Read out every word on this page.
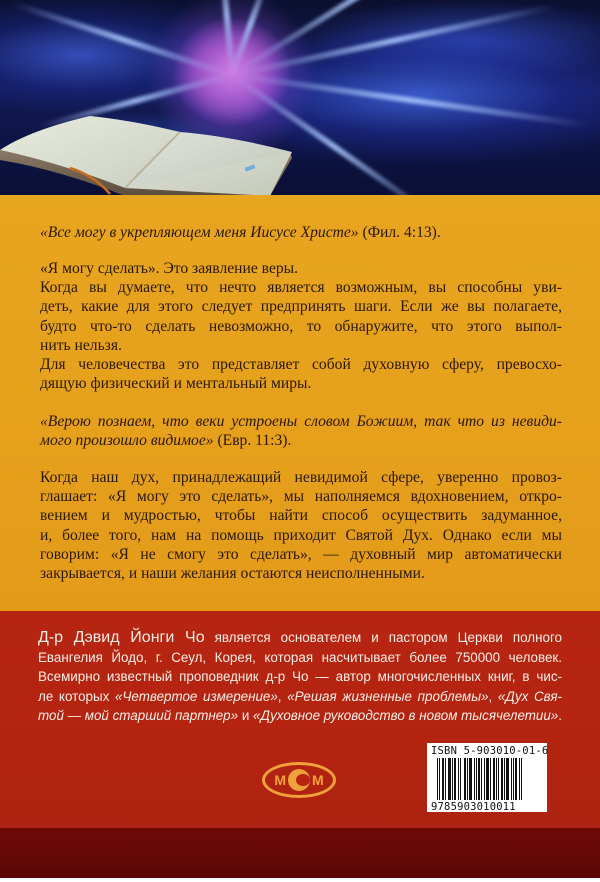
«Все могу в укрепляющем меня Иисусе Христе» (Фил. 4:13).
«Я могу сделать». Это заявление веры.
Когда вы думаете, что нечто является возможным, вы способны уви-
деть, какие для этого следует предпринять шаги. Если же вы полагаете,
будто что-то сделать невозможно, то обнаружите, что этого выпол-
нить нельзя.
Для человечества это представляет собой духовную сферу, превосхо-
дящую физический и ментальный миры.
«Верою познаем, что веки устроены словом Божиим, так что из невиди-
мого произошло видимое» (Евр. 11:3).
Когда наш дух, принадлежащий невидимой сфере, уверенно провоз-
глашает: «Я могу это сделать», мы наполняемся вдохновением, откро-
вением и мудростью, чтобы найти способ осуществить задуманное,
и, более того, нам на помощь приходит Святой Дух. Однако если мы
говорим: «Я не смогу это сделать», — духовный мир автоматически
закрывается, и наши желания остаются неисполненными.
Д-р Дэвид Йонги Чо является основателем и пастором Церкви полного
Евангелия Йодо, г. Сеул, Корея, которая насчитывает более 750000 человек.
Всемирно известный проповедник д-р Чо — автор многочисленных книг, в чис-
ле которых «Четвертое измерение», «Решая жизненные проблемы», «Дух Свя-
той — мой старший партнер» и «Духовное руководство в новом тысячелетии».
М М
ISBN 5-903010-01-6
9785903010011
